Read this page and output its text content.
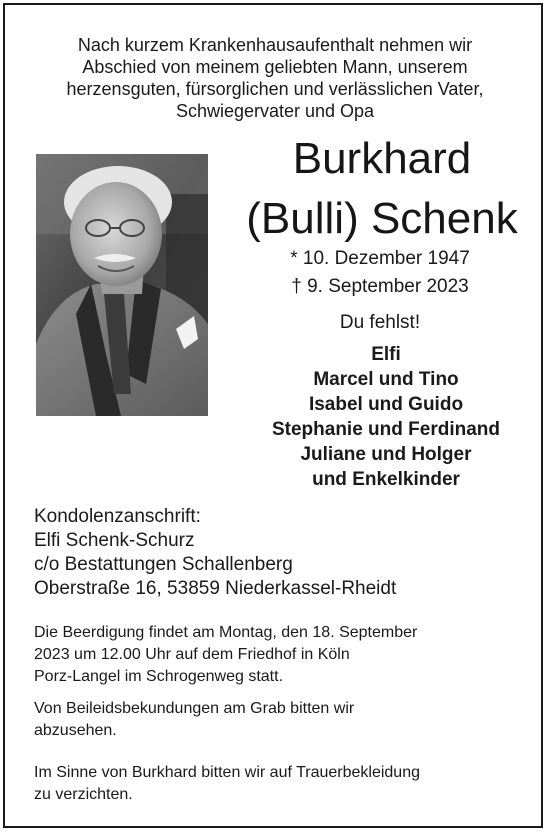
Nach kurzem Krankenhausaufenthalt nehmen wir
Abschied von meinem geliebten Mann, unserem
herzensguten, fürsorglichen und verlässlichen Vater,
Schwiegervater und Opa
Burkhard
(Bulli) Schenk
* 10. Dezember 1947
† 9. September 2023
Du fehlst!
Elfi
Marcel und Tino
Isabel und Guido
Stephanie und Ferdinand
Juliane und Holger
und Enkelkinder
Kondolenzanschrift:
Elfi Schenk-Schurz
c/o Bestattungen Schallenberg
Oberstraße 16, 53859 Niederkassel-Rheidt
Die Beerdigung findet am Montag, den 18. September
2023 um 12.00 Uhr auf dem Friedhof in Köln
Porz-Langel im Schrogenweg statt.
Von Beileidsbekundungen am Grab bitten wir
abzusehen.
Im Sinne von Burkhard bitten wir auf Trauerbekleidung
zu verzichten.
